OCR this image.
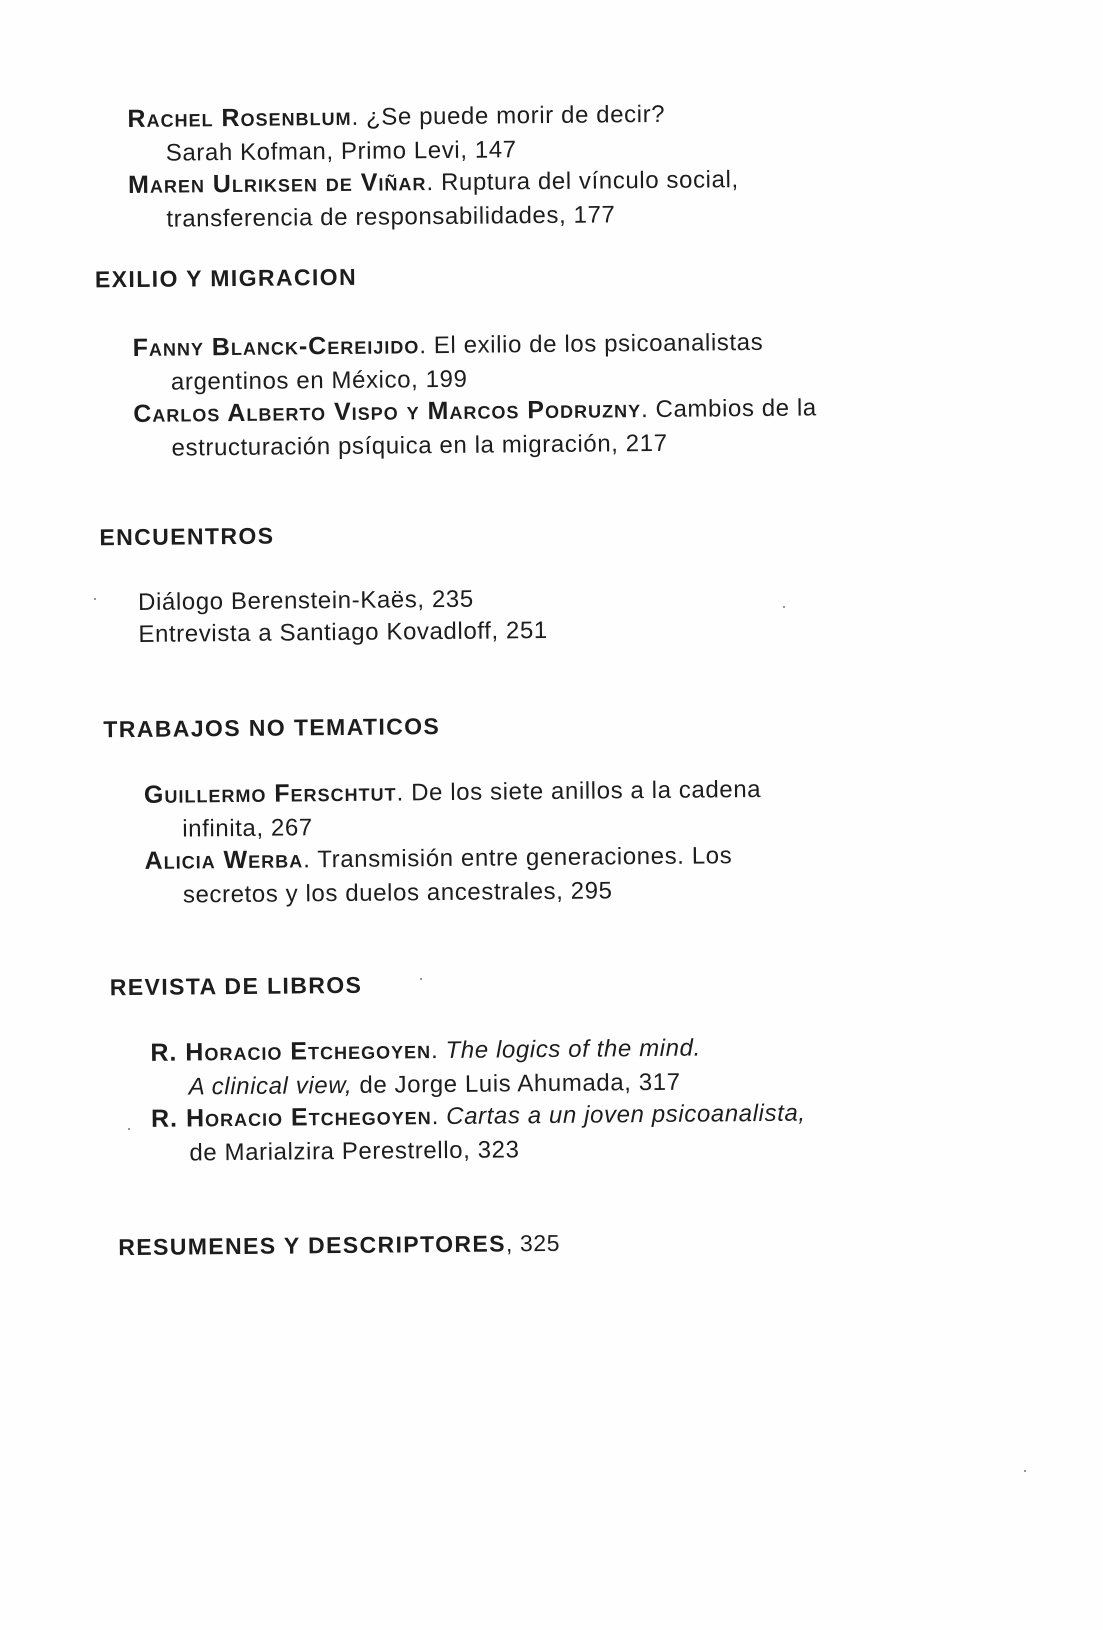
Rachel Rosenblum. ¿Se puede morir de decir?
Sarah Kofman, Primo Levi, 147
Maren Ulriksen de Viñar. Ruptura del vínculo social,
transferencia de responsabilidades, 177
EXILIO Y MIGRACION
Fanny Blanck-Cereijido. El exilio de los psicoanalistas
argentinos en México, 199
Carlos Alberto Vispo y Marcos Podruzny. Cambios de la
estructuración psíquica en la migración, 217
ENCUENTROS
Diálogo Berenstein-Kaës, 235
Entrevista a Santiago Kovadloff, 251
TRABAJOS NO TEMATICOS
Guillermo Ferschtut. De los siete anillos a la cadena
infinita, 267
Alicia Werba. Transmisión entre generaciones. Los
secretos y los duelos ancestrales, 295
REVISTA DE LIBROS
R. Horacio Etchegoyen. The logics of the mind.
A clinical view, de Jorge Luis Ahumada, 317
R. Horacio Etchegoyen. Cartas a un joven psicoanalista,
de Marialzira Perestrello, 323
RESUMENES Y DESCRIPTORES, 325
